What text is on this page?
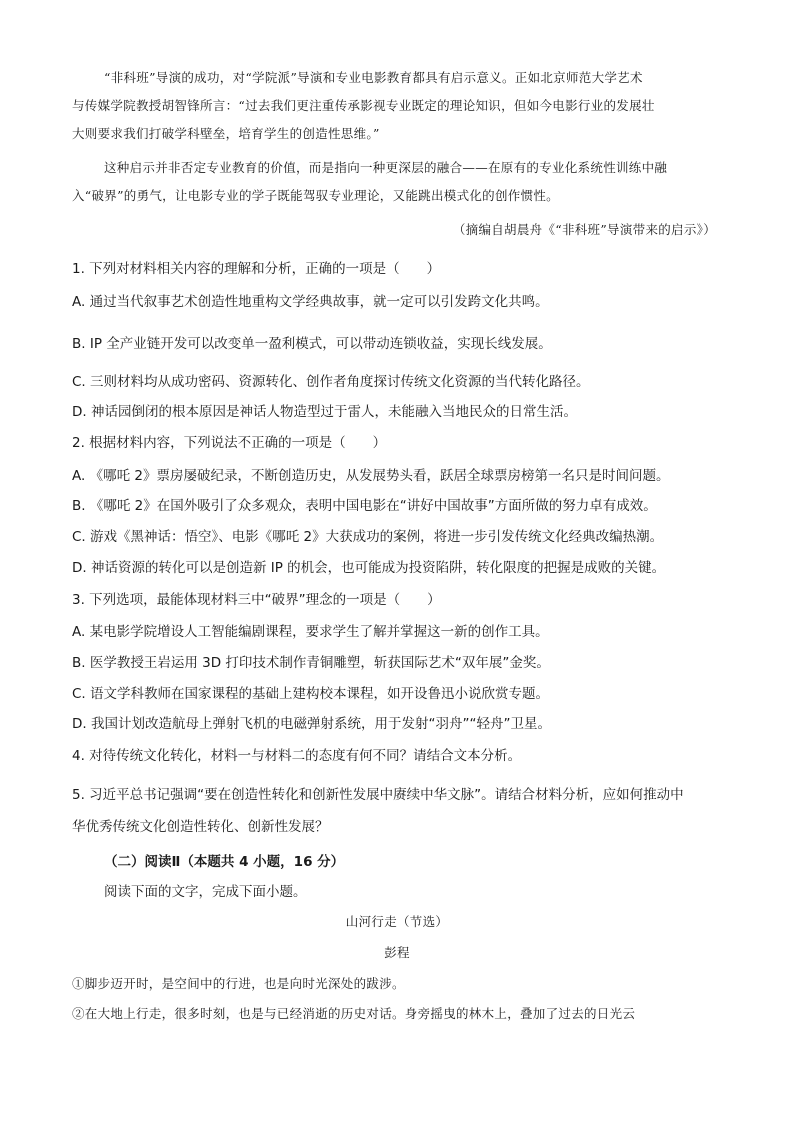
“非科班”导演的成功，对“学院派”导演和专业电影教育都具有启示意义。正如北京师范大学艺术
与传媒学院教授胡智锋所言：“过去我们更注重传承影视专业既定的理论知识，但如今电影行业的发展壮
大则要求我们打破学科壁垒，培育学生的创造性思维。”
这种启示并非否定专业教育的价值，而是指向一种更深层的融合——在原有的专业化系统性训练中融
入“破界”的勇气，让电影专业的学子既能驾驭专业理论，又能跳出模式化的创作惯性。
（摘编自胡晨舟《“非科班”导演带来的启示》）
1. 下列对材料相关内容的理解和分析，正确的一项是（　　）
A. 通过当代叙事艺术创造性地重构文学经典故事，就一定可以引发跨文化共鸣。
B. IP 全产业链开发可以改变单一盈利模式，可以带动连锁收益，实现长线发展。
C. 三则材料均从成功密码、资源转化、创作者角度探讨传统文化资源的当代转化路径。
D. 神话园倒闭的根本原因是神话人物造型过于雷人，未能融入当地民众的日常生活。
2. 根据材料内容，下列说法不正确的一项是（　　）
A. 《哪吒 2》票房屡破纪录，不断创造历史，从发展势头看，跃居全球票房榜第一名只是时间问题。
B. 《哪吒 2》在国外吸引了众多观众，表明中国电影在“讲好中国故事”方面所做的努力卓有成效。
C. 游戏《黑神话：悟空》、电影《哪吒 2》大获成功的案例，将进一步引发传统文化经典改编热潮。
D. 神话资源的转化可以是创造新 IP 的机会，也可能成为投资陷阱，转化限度的把握是成败的关键。
3. 下列选项，最能体现材料三中“破界”理念的一项是（　　）
A. 某电影学院增设人工智能编剧课程，要求学生了解并掌握这一新的创作工具。
B. 医学教授王岩运用 3D 打印技术制作青铜雕塑，斩获国际艺术“双年展”金奖。
C. 语文学科教师在国家课程的基础上建构校本课程，如开设鲁迅小说欣赏专题。
D. 我国计划改造航母上弹射飞机的电磁弹射系统，用于发射“羽舟”“轻舟”卫星。
4. 对待传统文化转化，材料一与材料二的态度有何不同？请结合文本分析。
5. 习近平总书记强调“要在创造性转化和创新性发展中赓续中华文脉”。请结合材料分析，应如何推动中
华优秀传统文化创造性转化、创新性发展？
（二）阅读Ⅱ（本题共 4 小题，16 分）
阅读下面的文字，完成下面小题。
山河行走（节选）
彭程
①脚步迈开时，是空间中的行进，也是向时光深处的跋涉。
②在大地上行走，很多时刻，也是与已经消逝的历史对话。身旁摇曳的林木上，叠加了过去的日光云
